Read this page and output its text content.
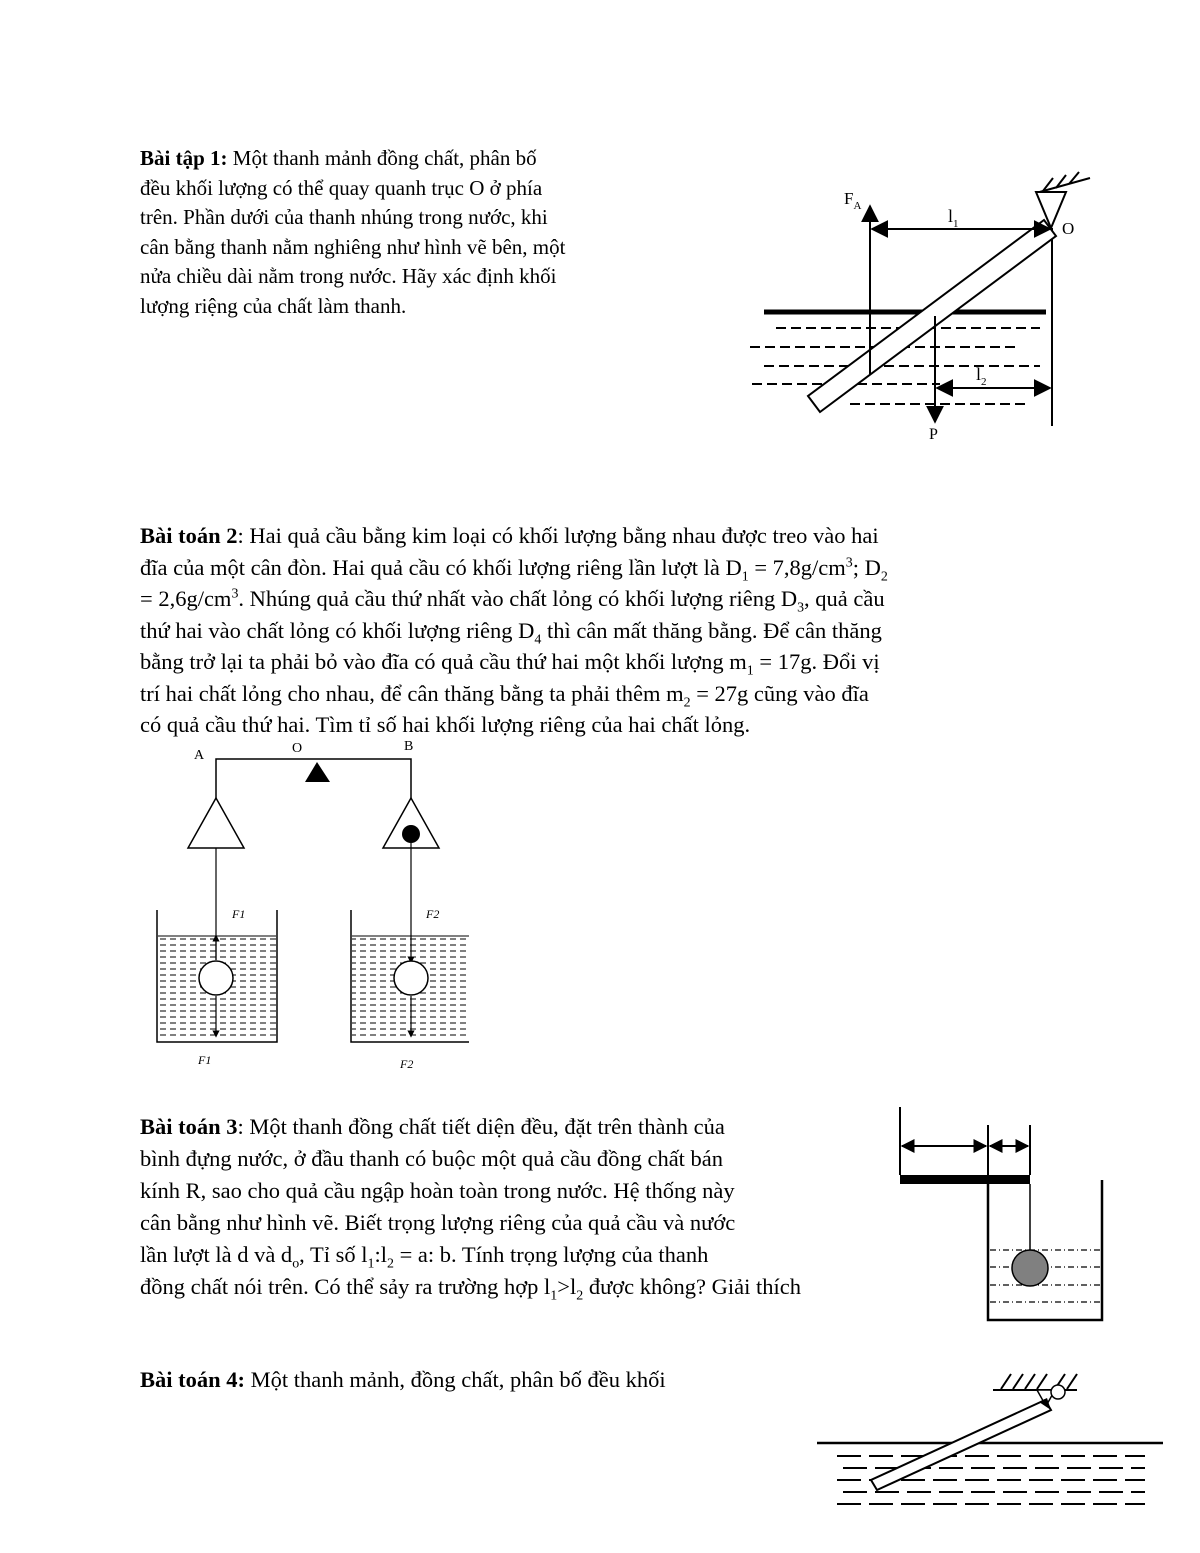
Bài tập 1: Một thanh mảnh đồng chất, phân bố
đều khối lượng có thể quay quanh trục O ở phía
trên. Phần dưới của thanh nhúng trong nước, khi
cân bằng thanh nằm nghiêng như hình vẽ bên, một
nửa chiều dài nằm trong nước. Hãy xác định khối
lượng riệng của chất làm thanh.
$F_A$	$l_1$	O
$l_2$
P
Bài toán 2: Hai quả cầu bằng kim loại có khối lượng bằng nhau được treo vào hai
đĩa của một cân đòn. Hai quả cầu có khối lượng riêng lần lượt là $D_1 = 7,8g/cm^3$; $D_2$
= $2,6g/cm^3$. Nhúng quả cầu thứ nhất vào chất lỏng có khối lượng riêng $D_3$, quả cầu
thứ hai vào chất lỏng có khối lượng riêng $D_4$ thì cân mất thăng bằng. Để cân thăng
bằng trở lại ta phải bỏ vào đĩa có quả cầu thứ hai một khối lượng $m_1 = 17g$. Đổi vị
trí hai chất lỏng cho nhau, để cân thăng bằng ta phải thêm $m_2 = 27g$ cũng vào đĩa
có quả cầu thứ hai. Tìm tỉ số hai khối lượng riêng của hai chất lỏng.
A	O	B
F1	F2
F1	F2
Bài toán 3: Một thanh đồng chất tiết diện đều, đặt trên thành của
bình đựng nước, ở đầu thanh có buộc một quả cầu đồng chất bán
kính R, sao cho quả cầu ngập hoàn toàn trong nước. Hệ thống này
cân bằng như hình vẽ. Biết trọng lượng riêng của quả cầu và nước
lần lượt là d và $d_o$, Tỉ số $l_1:l_2 = a$: b. Tính trọng lượng của thanh
đồng chất nói trên. Có thể sảy ra trường hợp $l_1>l_2$ được không? Giải thích
Bài toán 4: Một thanh mảnh, đồng chất, phân bố đều khối
